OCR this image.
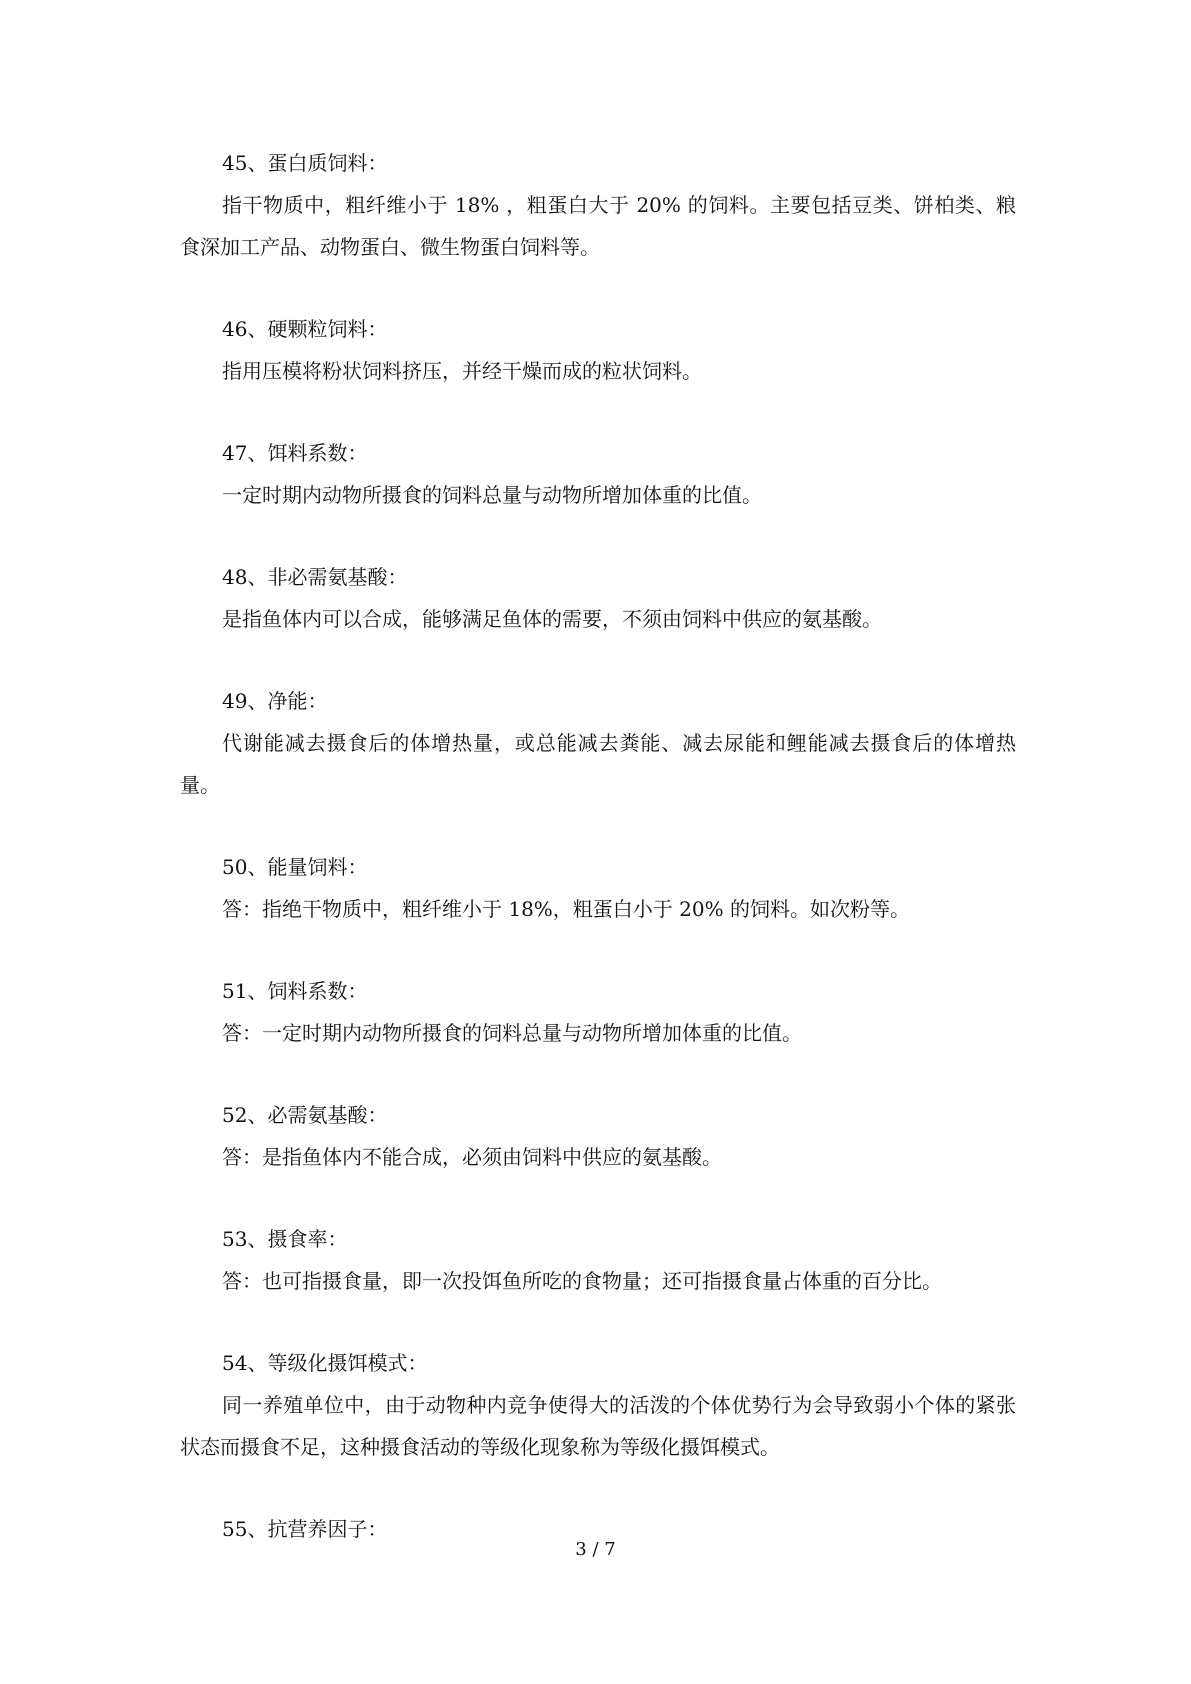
45、蛋白质饲料：

指干物质中，粗纤维小于 18% ，粗蛋白大于 20% 的饲料。主要包括豆类、饼柏类、粮食深加工产品、动物蛋白、微生物蛋白饲料等。

46、硬颗粒饲料：

指用压模将粉状饲料挤压，并经干燥而成的粒状饲料。

47、饵料系数：

一定时期内动物所摄食的饲料总量与动物所增加体重的比值。

48、非必需氨基酸：

是指鱼体内可以合成，能够满足鱼体的需要，不须由饲料中供应的氨基酸。

49、净能：

代谢能减去摄食后的体增热量，或总能减去粪能、减去尿能和鲤能减去摄食后的体增热量。

50、能量饲料：

答：指绝干物质中，粗纤维小于 18%，粗蛋白小于 20% 的饲料。如次粉等。

51、饲料系数：

答：一定时期内动物所摄食的饲料总量与动物所增加体重的比值。

52、必需氨基酸：

答：是指鱼体内不能合成，必须由饲料中供应的氨基酸。

53、摄食率：

答：也可指摄食量，即一次投饵鱼所吃的食物量；还可指摄食量占体重的百分比。

54、等级化摄饵模式：

同一养殖单位中，由于动物种内竞争使得大的活泼的个体优势行为会导致弱小个体的紧张状态而摄食不足，这种摄食活动的等级化现象称为等级化摄饵模式。

55、抗营养因子：

3 / 7
